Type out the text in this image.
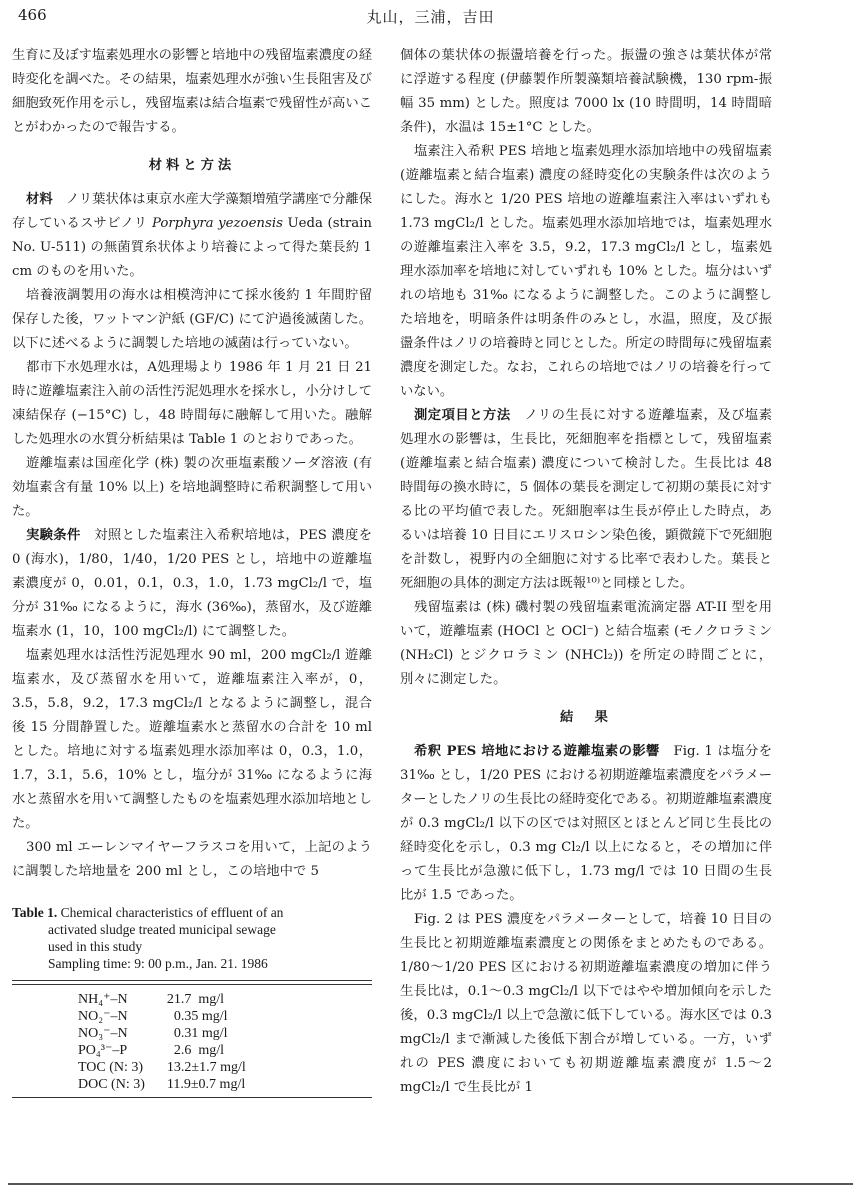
466	丸山，三浦，吉田

生育に及ぼす塩素処理水の影響と培地中の残留塩素濃度の経時変化を調べた。その結果，塩素処理水が強い生長阻害及び細胞致死作用を示し，残留塩素は結合塩素で残留性が高いことがわかったので報告する。

材料と方法

材料　 ノリ葉状体は東京水産大学藻類増殖学講座で分離保存しているスサビノリ Porphyra yezoensis Ueda (strain No. U-511) の無菌質糸状体より培養によって得た葉長約 1 cm のものを用いた。

培養液調製用の海水は相模湾沖にて採水後約 1 年間貯留保存した後，ワットマン沪紙 (GF/C) にて沪過後滅菌した。以下に述べるように調製した培地の滅菌は行っていない。

都市下水処理水は，A処理場より 1986 年 1 月 21 日 21 時に遊離塩素注入前の活性汚泥処理水を採水し，小分けして凍結保存 (−15°C) し，48 時間毎に融解して用いた。融解した処理水の水質分析結果は Table 1 のとおりであった。

遊離塩素は国産化学 (株) 製の次亜塩素酸ソーダ溶液 (有効塩素含有量 10% 以上) を培地調整時に希釈調整して用いた。

実験条件　 対照とした塩素注入希釈培地は，PES 濃度を 0 (海水)，1/80，1/40，1/20 PES とし，培地中の遊離塩素濃度が 0，0.01，0.1，0.3，1.0，1.73 mgCl₂/l で，塩分が 31‰ になるように，海水 (36‰)，蒸留水，及び遊離塩素水 (1，10，100 mgCl₂/l) にて調整した。

塩素処理水は活性汚泥処理水 90 ml，200 mgCl₂/l 遊離塩素水，及び蒸留水を用いて，遊離塩素注入率が，0，3.5，5.8，9.2，17.3 mgCl₂/l となるように調整し，混合後 15 分間静置した。遊離塩素水と蒸留水の合計を 10 ml とした。培地に対する塩素処理水添加率は 0，0.3，1.0，1.7，3.1，5.6，10% とし，塩分が 31‰ になるように海水と蒸留水を用いて調整したものを塩素処理水添加培地とした。

300 ml エーレンマイヤーフラスコを用いて，上記のように調製した培地量を 200 ml とし，この培地中で 5

Table 1. Chemical characteristics of effluent of an
activated sludge treated municipal sewage
used in this study
Sampling time: 9: 00 p.m., Jan. 21. 1986
NH₄⁺–N	21.7  mg/l
NO₂⁻–N	0.35 mg/l
NO₃⁻–N	0.31 mg/l
PO₄³⁻–P	2.6  mg/l
TOC (N: 3)	13.2±1.7 mg/l
DOC (N: 3)	11.9±0.7 mg/l

個体の葉状体の振盪培養を行った。振盪の強さは葉状体が常に浮遊する程度 (伊藤製作所製藻類培養試験機，130 rpm-振幅 35 mm) とした。照度は 7000 lx (10 時間明，14 時間暗条件)，水温は 15±1°C とした。

塩素注入希釈 PES 培地と塩素処理水添加培地中の残留塩素 (遊離塩素と結合塩素) 濃度の経時変化の実験条件は次のようにした。海水と 1/20 PES 培地の遊離塩素注入率はいずれも 1.73 mgCl₂/l とした。塩素処理水添加培地では，塩素処理水の遊離塩素注入率を 3.5，9.2，17.3 mgCl₂/l とし，塩素処理水添加率を培地に対していずれも 10% とした。塩分はいずれの培地も 31‰ になるように調整した。このように調整した培地を，明暗条件は明条件のみとし，水温，照度，及び振盪条件はノリの培養時と同じとした。所定の時間毎に残留塩素濃度を測定した。なお，これらの培地ではノリの培養を行っていない。

測定項目と方法　 ノリの生長に対する遊離塩素，及び塩素処理水の影響は，生長比，死細胞率を指標として，残留塩素 (遊離塩素と結合塩素) 濃度について検討した。生長比は 48 時間毎の換水時に，5 個体の葉長を測定して初期の葉長に対する比の平均値で表した。死細胞率は生長が停止した時点，あるいは培養 10 日目にエリスロシン染色後，顕微鏡下で死細胞を計数し，視野内の全細胞に対する比率で表わした。葉長と死細胞の具体的測定方法は既報¹⁰⁾と同様とした。

残留塩素は (株) 磯村製の残留塩素電流滴定器 AT-II 型を用いて，遊離塩素 (HOCl と OCl⁻) と結合塩素 (モノクロラミン (NH₂Cl) とジクロラミン (NHCl₂)) を所定の時間ごとに，別々に測定した。

結　果

希釈 PES 培地における遊離塩素の影響　 Fig. 1 は塩分を 31‰ とし，1/20 PES における初期遊離塩素濃度をパラメーターとしたノリの生長比の経時変化である。初期遊離塩素濃度が 0.3 mgCl₂/l 以下の区では対照区とほとんど同じ生長比の経時変化を示し，0.3 mg Cl₂/l 以上になると，その増加に伴って生長比が急激に低下し，1.73 mg/l では 10 日間の生長比が 1.5 であった。

Fig. 2 は PES 濃度をパラメーターとして，培養 10 日目の生長比と初期遊離塩素濃度との関係をまとめたものである。1/80～1/20 PES 区における初期遊離塩素濃度の増加に伴う生長比は，0.1～0.3 mgCl₂/l 以下ではやや増加傾向を示した後，0.3 mgCl₂/l 以上で急激に低下している。海水区では 0.3 mgCl₂/l まで漸減した後低下割合が増している。一方，いずれの PES 濃度においても初期遊離塩素濃度が 1.5～2 mgCl₂/l で生長比が 1
